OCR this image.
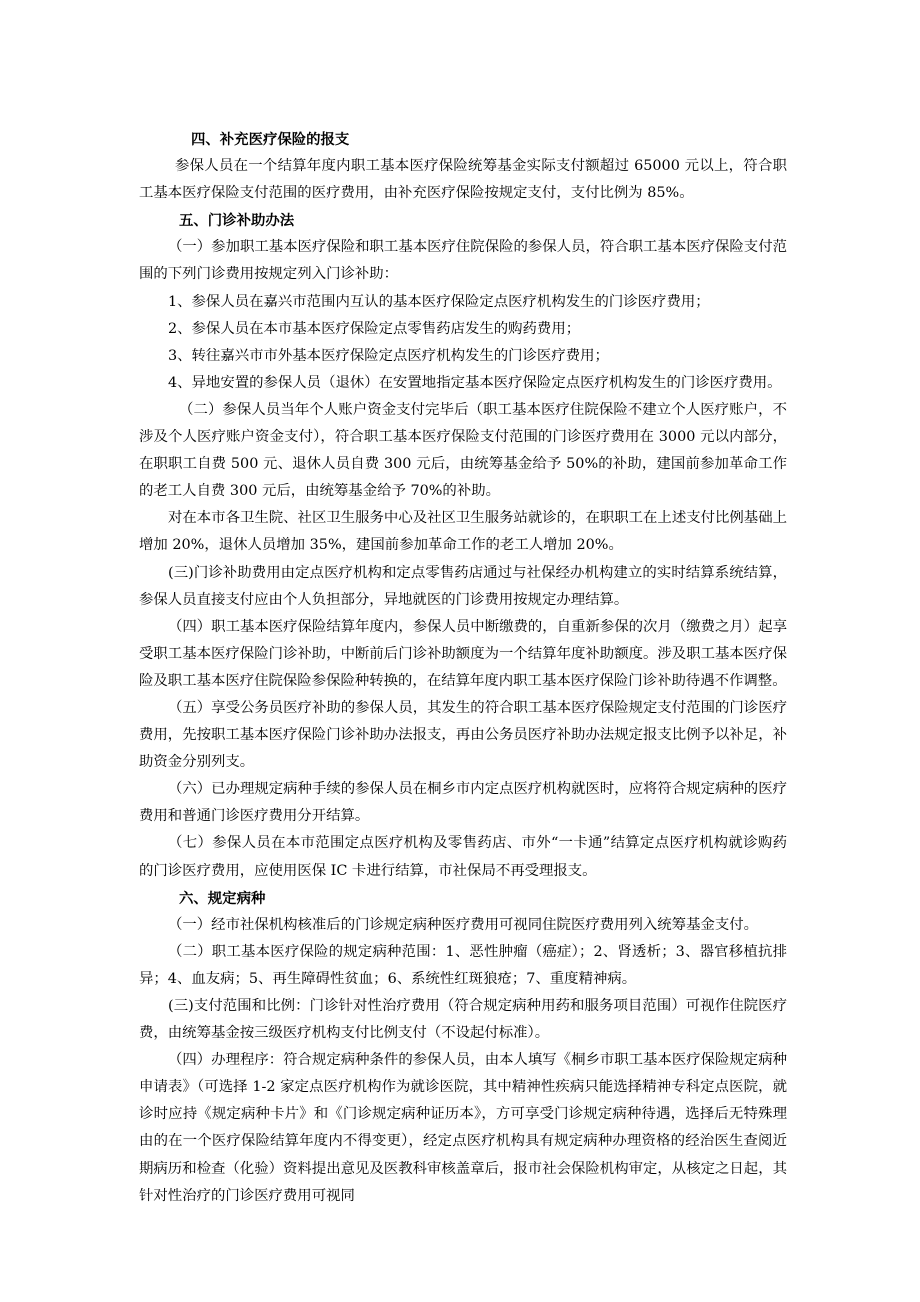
四、补充医疗保险的报支

参保人员在一个结算年度内职工基本医疗保险统筹基金实际支付额超过 65000 元以上，符合职工基本医疗保险支付范围的医疗费用，由补充医疗保险按规定支付，支付比例为 85%。

五、门诊补助办法

（一）参加职工基本医疗保险和职工基本医疗住院保险的参保人员，符合职工基本医疗保险支付范围的下列门诊费用按规定列入门诊补助：

1、参保人员在嘉兴市范围内互认的基本医疗保险定点医疗机构发生的门诊医疗费用；

2、参保人员在本市基本医疗保险定点零售药店发生的购药费用；

3、转往嘉兴市市外基本医疗保险定点医疗机构发生的门诊医疗费用；

4、异地安置的参保人员（退休）在安置地指定基本医疗保险定点医疗机构发生的门诊医疗费用。

（二）参保人员当年个人账户资金支付完毕后（职工基本医疗住院保险不建立个人医疗账户，不涉及个人医疗账户资金支付），符合职工基本医疗保险支付范围的门诊医疗费用在 3000 元以内部分，在职职工自费 500 元、退休人员自费 300 元后，由统筹基金给予 50%的补助，建国前参加革命工作的老工人自费 300 元后，由统筹基金给予 70%的补助。

对在本市各卫生院、社区卫生服务中心及社区卫生服务站就诊的，在职职工在上述支付比例基础上增加 20%，退休人员增加 35%，建国前参加革命工作的老工人增加 20%。

(三)门诊补助费用由定点医疗机构和定点零售药店通过与社保经办机构建立的实时结算系统结算，参保人员直接支付应由个人负担部分，异地就医的门诊费用按规定办理结算。

（四）职工基本医疗保险结算年度内，参保人员中断缴费的，自重新参保的次月（缴费之月）起享受职工基本医疗保险门诊补助，中断前后门诊补助额度为一个结算年度补助额度。涉及职工基本医疗保险及职工基本医疗住院保险参保险种转换的，在结算年度内职工基本医疗保险门诊补助待遇不作调整。

（五）享受公务员医疗补助的参保人员，其发生的符合职工基本医疗保险规定支付范围的门诊医疗费用，先按职工基本医疗保险门诊补助办法报支，再由公务员医疗补助办法规定报支比例予以补足，补助资金分别列支。

（六）已办理规定病种手续的参保人员在桐乡市内定点医疗机构就医时，应将符合规定病种的医疗费用和普通门诊医疗费用分开结算。

（七）参保人员在本市范围定点医疗机构及零售药店、市外“一卡通”结算定点医疗机构就诊购药的门诊医疗费用，应使用医保 IC 卡进行结算，市社保局不再受理报支。

六、规定病种

（一）经市社保机构核准后的门诊规定病种医疗费用可视同住院医疗费用列入统筹基金支付。

（二）职工基本医疗保险的规定病种范围：1、恶性肿瘤（癌症）；2、肾透析；3、器官移植抗排异；4、血友病；5、再生障碍性贫血；6、系统性红斑狼疮；7、重度精神病。

(三)支付范围和比例：门诊针对性治疗费用（符合规定病种用药和服务项目范围）可视作住院医疗费，由统筹基金按三级医疗机构支付比例支付（不设起付标准）。

（四）办理程序：符合规定病种条件的参保人员，由本人填写《桐乡市职工基本医疗保险规定病种申请表》（可选择 1-2 家定点医疗机构作为就诊医院，其中精神性疾病只能选择精神专科定点医院，就诊时应持《规定病种卡片》和《门诊规定病种证历本》，方可享受门诊规定病种待遇，选择后无特殊理由的在一个医疗保险结算年度内不得变更），经定点医疗机构具有规定病种办理资格的经治医生查阅近期病历和检查（化验）资料提出意见及医教科审核盖章后，报市社会保险机构审定，从核定之日起，其针对性治疗的门诊医疗费用可视同
